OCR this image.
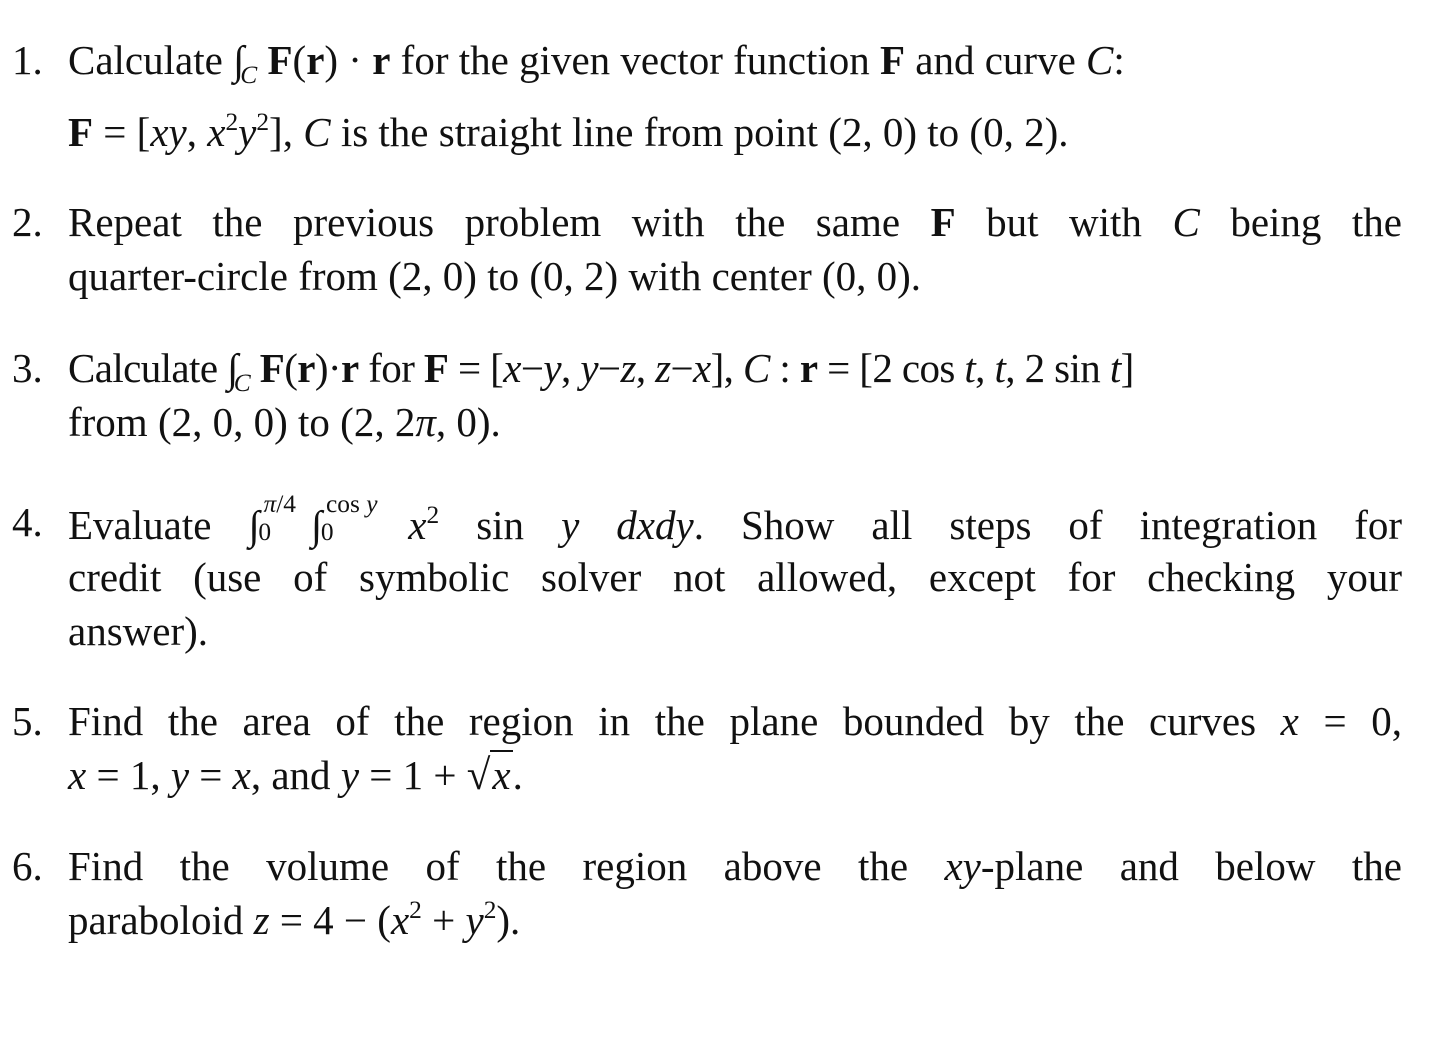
1. Calculate $\int_C$ F(r) · r for the given vector function F and curve C:
F = [xy, $x^2y^2$], C is the straight line from point (2, 0) to (0, 2).
2. Repeat the previous problem with the same F but with C being the
quarter-circle from (2, 0) to (0, 2) with center (0, 0).
3. Calculate $\int_C$ F(r)·r for F = [x−y, y−z, z−x], C : r = [2 cos t, t, 2 sin t]
from (2, 0, 0) to (2, 2π, 0).
4. Evaluate ∫ π/4
0 ∫ cos y
0 $x^2$ sin y dxdy. Show all steps of integration for
credit (use of symbolic solver not allowed, except for checking your
answer).
5. Find the area of the region in the plane bounded by the curves x = 0,
x = 1, y = x, and y = 1 + √x.
6. Find the volume of the region above the xy-plane and below the
paraboloid $z = 4 - (x^2 + y^2)$.
